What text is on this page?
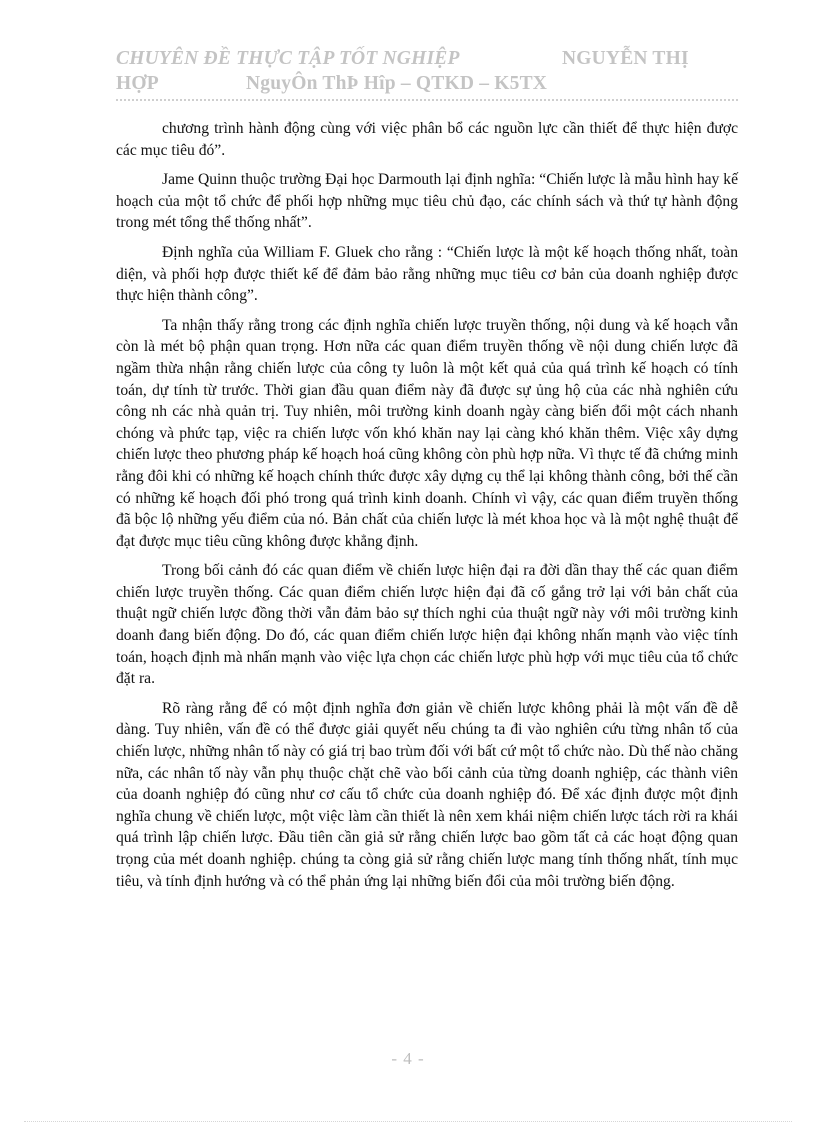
CHUYÊN ĐỀ THỰC TẬP TỐT NGHIỆP	NGUYỄN THỊ
HỢP	NguyÔn ThÞ Hîp – QTKD – K5TX

chương trình hành động cùng với việc phân bổ các nguồn lực cần thiết để thực hiện được các mục tiêu đó”.

Jame Quinn thuộc trường Đại học Darmouth lại định nghĩa: “Chiến lược là mẫu hình hay kế hoạch của một tổ chức để phối hợp những mục tiêu chủ đạo, các chính sách và thứ tự hành động trong mét tổng thể thống nhất”.

Định nghĩa của William F. Gluek cho rằng : “Chiến lược là một kế hoạch thống nhất, toàn diện, và phối hợp được thiết kế để đảm bảo rằng những mục tiêu cơ bản của doanh nghiệp được thực hiện thành công”.

Ta nhận thấy rằng trong các định nghĩa chiến lược truyền thống, nội dung và kế hoạch vẫn còn là mét bộ phận quan trọng. Hơn nữa các quan điểm truyền thống về nội dung chiến lược đã ngầm thừa nhận rằng chiến lược của công ty luôn là một kết quả của quá trình kế hoạch có tính toán, dự tính từ trước. Thời gian đầu quan điểm này đã được sự ủng hộ của các nhà nghiên cứu công nh các nhà quản trị. Tuy nhiên, môi trường kinh doanh ngày càng biến đổi một cách nhanh chóng và phức tạp, việc ra chiến lược vốn khó khăn nay lại càng khó khăn thêm. Việc xây dựng chiến lược theo phương pháp kế hoạch hoá cũng không còn phù hợp nữa. Vì thực tế đã chứng minh rằng đôi khi có những kế hoạch chính thức được xây dựng cụ thể lại không thành công, bởi thế cần có những kế hoạch đối phó trong quá trình kinh doanh. Chính vì vậy, các quan điểm truyền thống đã bộc lộ những yếu điểm của nó. Bản chất của chiến lược là mét khoa học và là một nghệ thuật để đạt được mục tiêu cũng không được khẳng định.

Trong bối cảnh đó các quan điểm về chiến lược hiện đại ra đời dần thay thế các quan điểm chiến lược truyền thống. Các quan điểm chiến lược hiện đại đã cố gắng trở lại với bản chất của thuật ngữ chiến lược đồng thời vẫn đảm bảo sự thích nghi của thuật ngữ này với môi trường kinh doanh đang biến động. Do đó, các quan điểm chiến lược hiện đại không nhấn mạnh vào việc tính toán, hoạch định mà nhấn mạnh vào việc lựa chọn các chiến lược phù hợp với mục tiêu của tổ chức đặt ra.

Rõ ràng rằng để có một định nghĩa đơn giản về chiến lược không phải là một vấn đề dễ dàng. Tuy nhiên, vấn đề có thể được giải quyết nếu chúng ta đi vào nghiên cứu từng nhân tố của chiến lược, những nhân tố này có giá trị bao trùm đối với bất cứ một tổ chức nào. Dù thế nào chăng nữa, các nhân tố này vẫn phụ thuộc chặt chẽ vào bối cảnh của từng doanh nghiệp, các thành viên của doanh nghiệp đó cũng như cơ cấu tổ chức của doanh nghiệp đó. Để xác định được một định nghĩa chung về chiến lược, một việc làm cần thiết là nên xem khái niệm chiến lược tách rời ra khái quá trình lập chiến lược. Đầu tiên cần giả sử rằng chiến lược bao gồm tất cả các hoạt động quan trọng của mét doanh nghiệp. chúng ta còng giả sử rằng chiến lược mang tính thống nhất, tính mục tiêu, và tính định hướng và có thể phản ứng lại những biến đổi của môi trường biến động.

- 4 -
